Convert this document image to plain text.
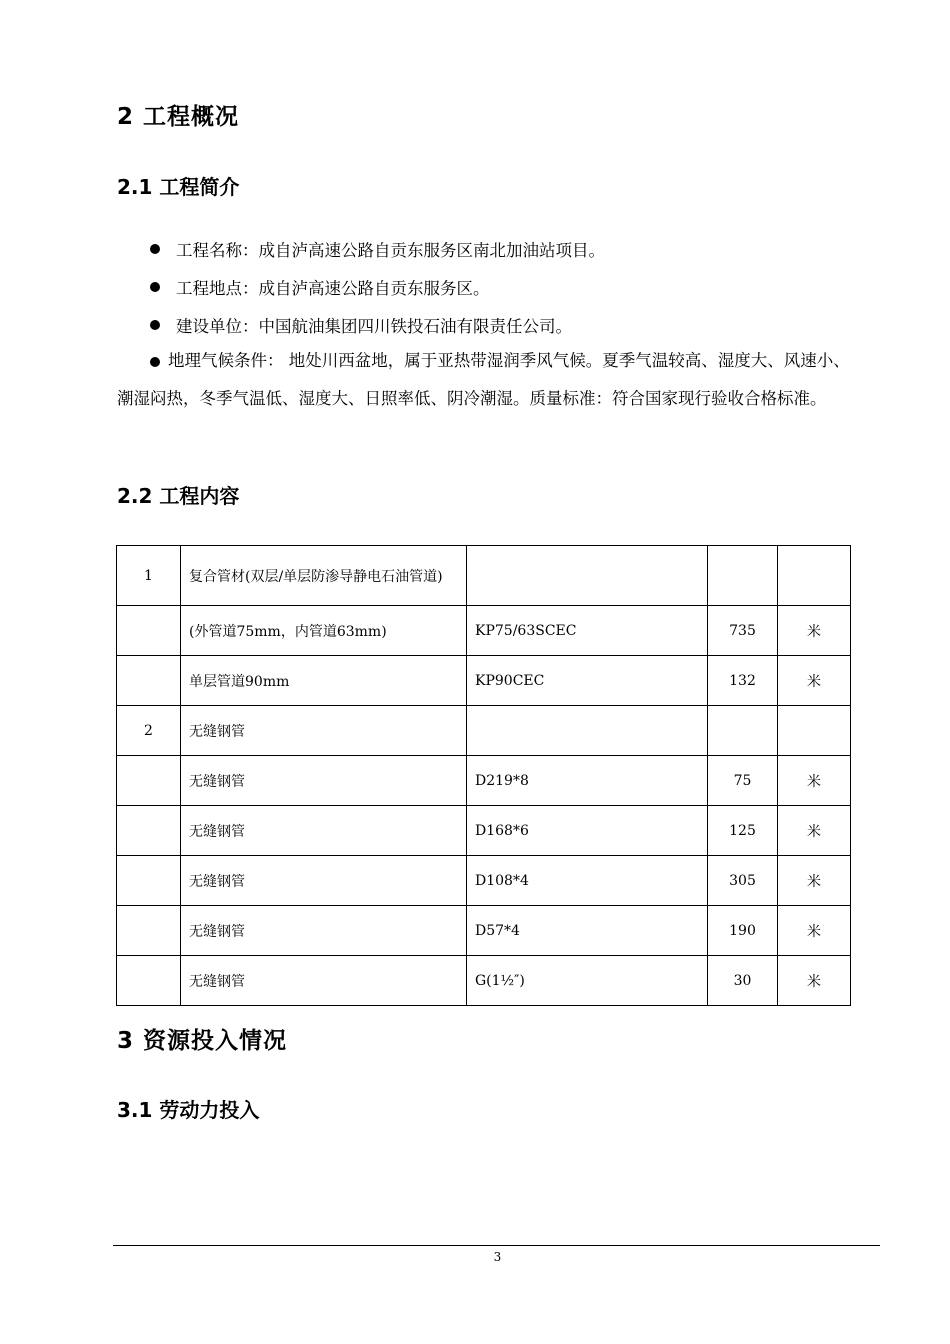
2 工程概况
2.1 工程简介
工程名称：成自泸高速公路自贡东服务区南北加油站项目。
工程地点：成自泸高速公路自贡东服务区。
建设单位：中国航油集团四川铁投石油有限责任公司。
地理气候条件： 地处川西盆地，属于亚热带湿润季风气候。夏季气温较高、湿度大、风速小、潮湿闷热，冬季气温低、湿度大、日照率低、阴冷潮湿。质量标准：符合国家现行验收合格标准。
2.2 工程内容
1	复合管材(双层/单层防渗导静电石油管道)			
	(外管道75mm，内管道63mm)	KP75/63SCEC	735	米
	单层管道90mm	KP90CEC	132	米
2	无缝钢管			
	无缝钢管	D219*8	75	米
	无缝钢管	D168*6	125	米
	无缝钢管	D108*4	305	米
	无缝钢管	D57*4	190	米
	无缝钢管	G(1½″)	30	米
3 资源投入情况
3.1 劳动力投入
3
